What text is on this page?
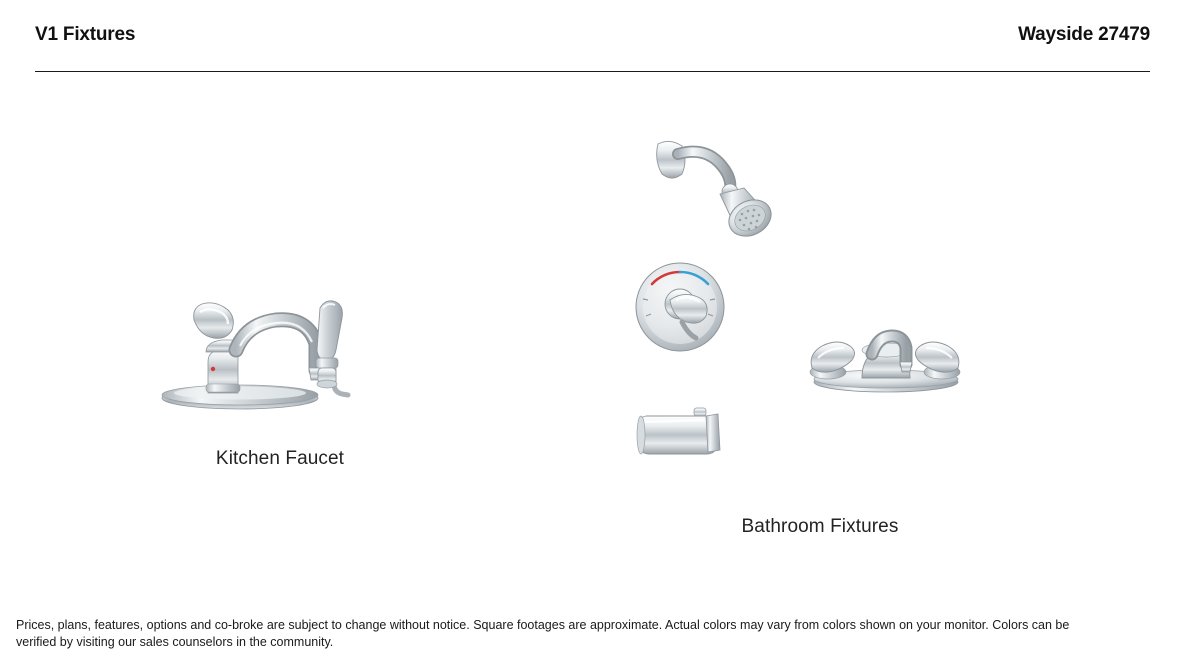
V1 Fixtures	Wayside 27479
Kitchen Faucet
Bathroom Fixtures
Prices, plans, features, options and co-broke are subject to change without notice. Square footages are approximate. Actual colors may vary from colors shown on your monitor. Colors can be verified by visiting our sales counselors in the community.
